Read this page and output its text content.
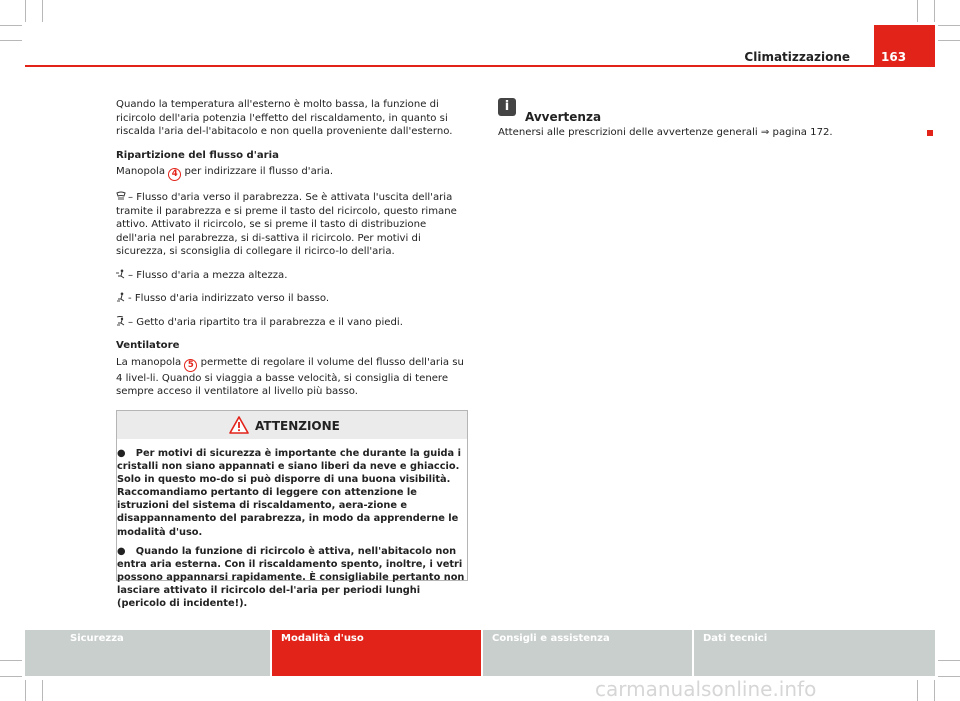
Climatizzazione	163

Quando la temperatura all'esterno è molto bassa, la funzione di ricircolo dell'aria potenzia l'effetto del riscaldamento, in quanto si riscalda l'aria del-l'abitacolo e non quella proveniente dall'esterno.

Ripartizione del flusso d'aria

Manopola 4 per indirizzare il flusso d'aria.

– Flusso d'aria verso il parabrezza. Se è attivata l'uscita dell'aria tramite il parabrezza e si preme il tasto del ricircolo, questo rimane attivo. Attivato il ricircolo, se si preme il tasto di distribuzione dell'aria nel parabrezza, si di-sattiva il ricircolo. Per motivi di sicurezza, si sconsiglia di collegare il ricirco-lo dell'aria.

– Flusso d'aria a mezza altezza.

- Flusso d'aria indirizzato verso il basso.

– Getto d'aria ripartito tra il parabrezza e il vano piedi.

Ventilatore

La manopola 5 permette di regolare il volume del flusso dell'aria su 4 livel-li. Quando si viaggia a basse velocità, si consiglia di tenere sempre acceso il ventilatore al livello più basso.

ATTENZIONE
●   Per motivi di sicurezza è importante che durante la guida i cristalli non siano appannati e siano liberi da neve e ghiaccio. Solo in questo mo-do si può disporre di una buona visibilità. Raccomandiamo pertanto di leggere con attenzione le istruzioni del sistema di riscaldamento, aera-zione e disappannamento del parabrezza, in modo da apprenderne le modalità d'uso.
●   Quando la funzione di ricircolo è attiva, nell'abitacolo non entra aria esterna. Con il riscaldamento spento, inoltre, i vetri possono appannarsi rapidamente. È consigliabile pertanto non lasciare attivato il ricircolo del-l'aria per periodi lunghi (pericolo di incidente!).
i
Avvertenza
Attenersi alle prescrizioni delle avvertenze generali ⇒ pagina 172.
Sicurezza	Modalità d'uso	Consigli e assistenza	Dati tecnici
carmanualsonline.info
